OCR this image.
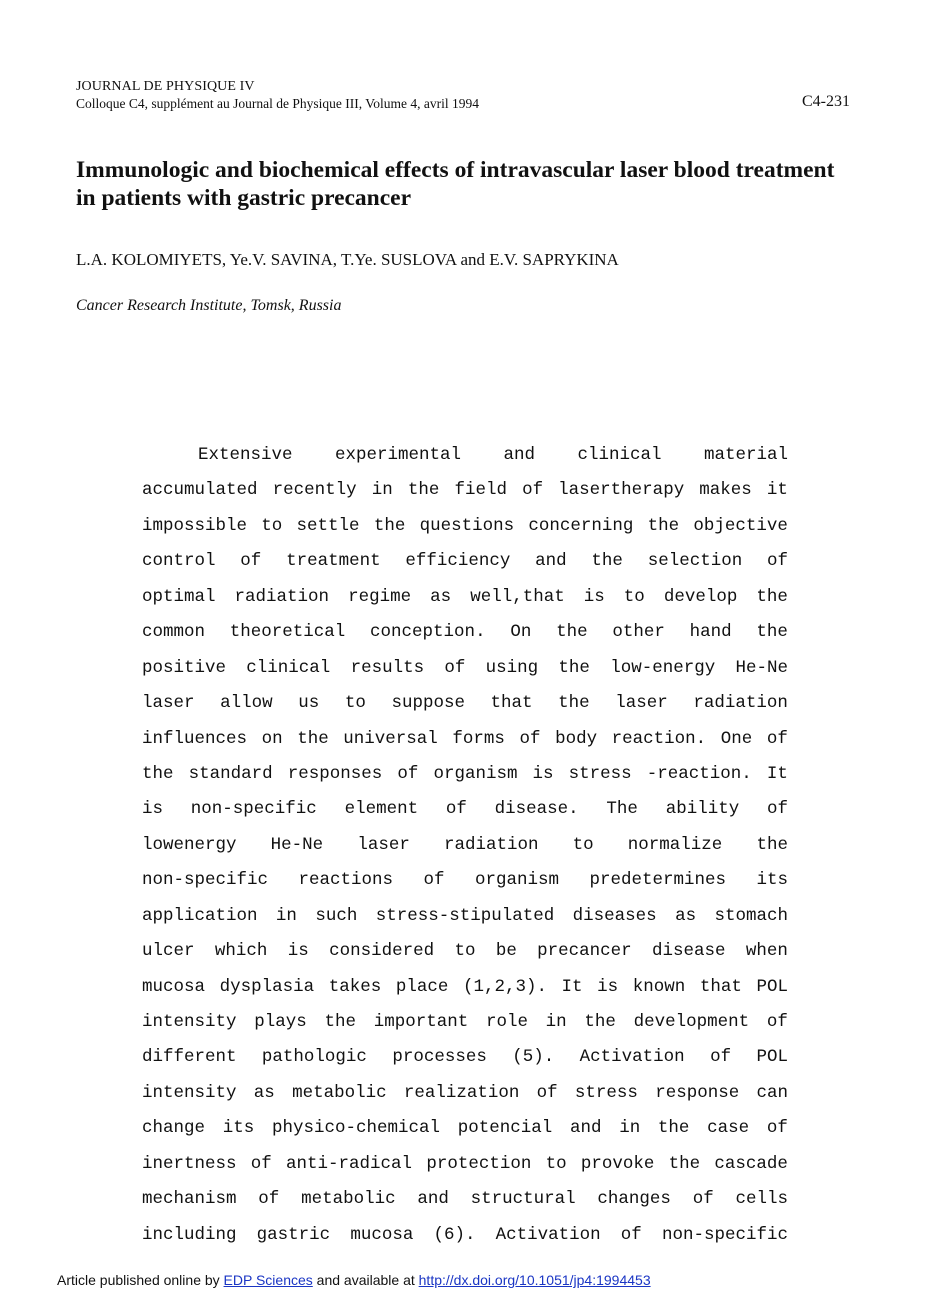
JOURNAL DE PHYSIQUE IV
Colloque C4, supplément au Journal de Physique III, Volume 4, avril 1994	C4-231
Immunologic and biochemical effects of intravascular laser blood treatment in patients with gastric precancer
L.A. KOLOMIYETS, Ye.V. SAVINA, T.Ye. SUSLOVA and E.V. SAPRYKINA
Cancer Research Institute, Tomsk, Russia
Extensive experimental and clinical material
accumulated recently in the field of lasertherapy makes it
impossible to settle the questions concerning the objective
control of treatment efficiency and the selection of
optimal radiation regime as well,that is to develop the
common theoretical conception. On the other hand the
positive clinical results of using the low-energy He-Ne
laser allow us to suppose that the laser radiation
influences on the universal forms of body reaction. One of
the standard responses of organism is stress -reaction. It
is non-specific element of disease. The ability of
lowenergy He-Ne laser radiation to normalize the
non-specific reactions of organism predetermines its
application in such stress-stipulated diseases as stomach
ulcer which is considered to be precancer disease when
mucosa dysplasia takes place (1,2,3). It is known that POL
intensity plays the important role in the development of
different pathologic processes (5). Activation of POL
intensity as metabolic realization of stress response can
change its physico-chemical potencial and in the case of
inertness of anti-radical protection to provoke the cascade
mechanism of metabolic and structural changes of cells
including gastric mucosa (6). Activation of non-specific
Article published online by EDP Sciences and available at http://dx.doi.org/10.1051/jp4:1994453
